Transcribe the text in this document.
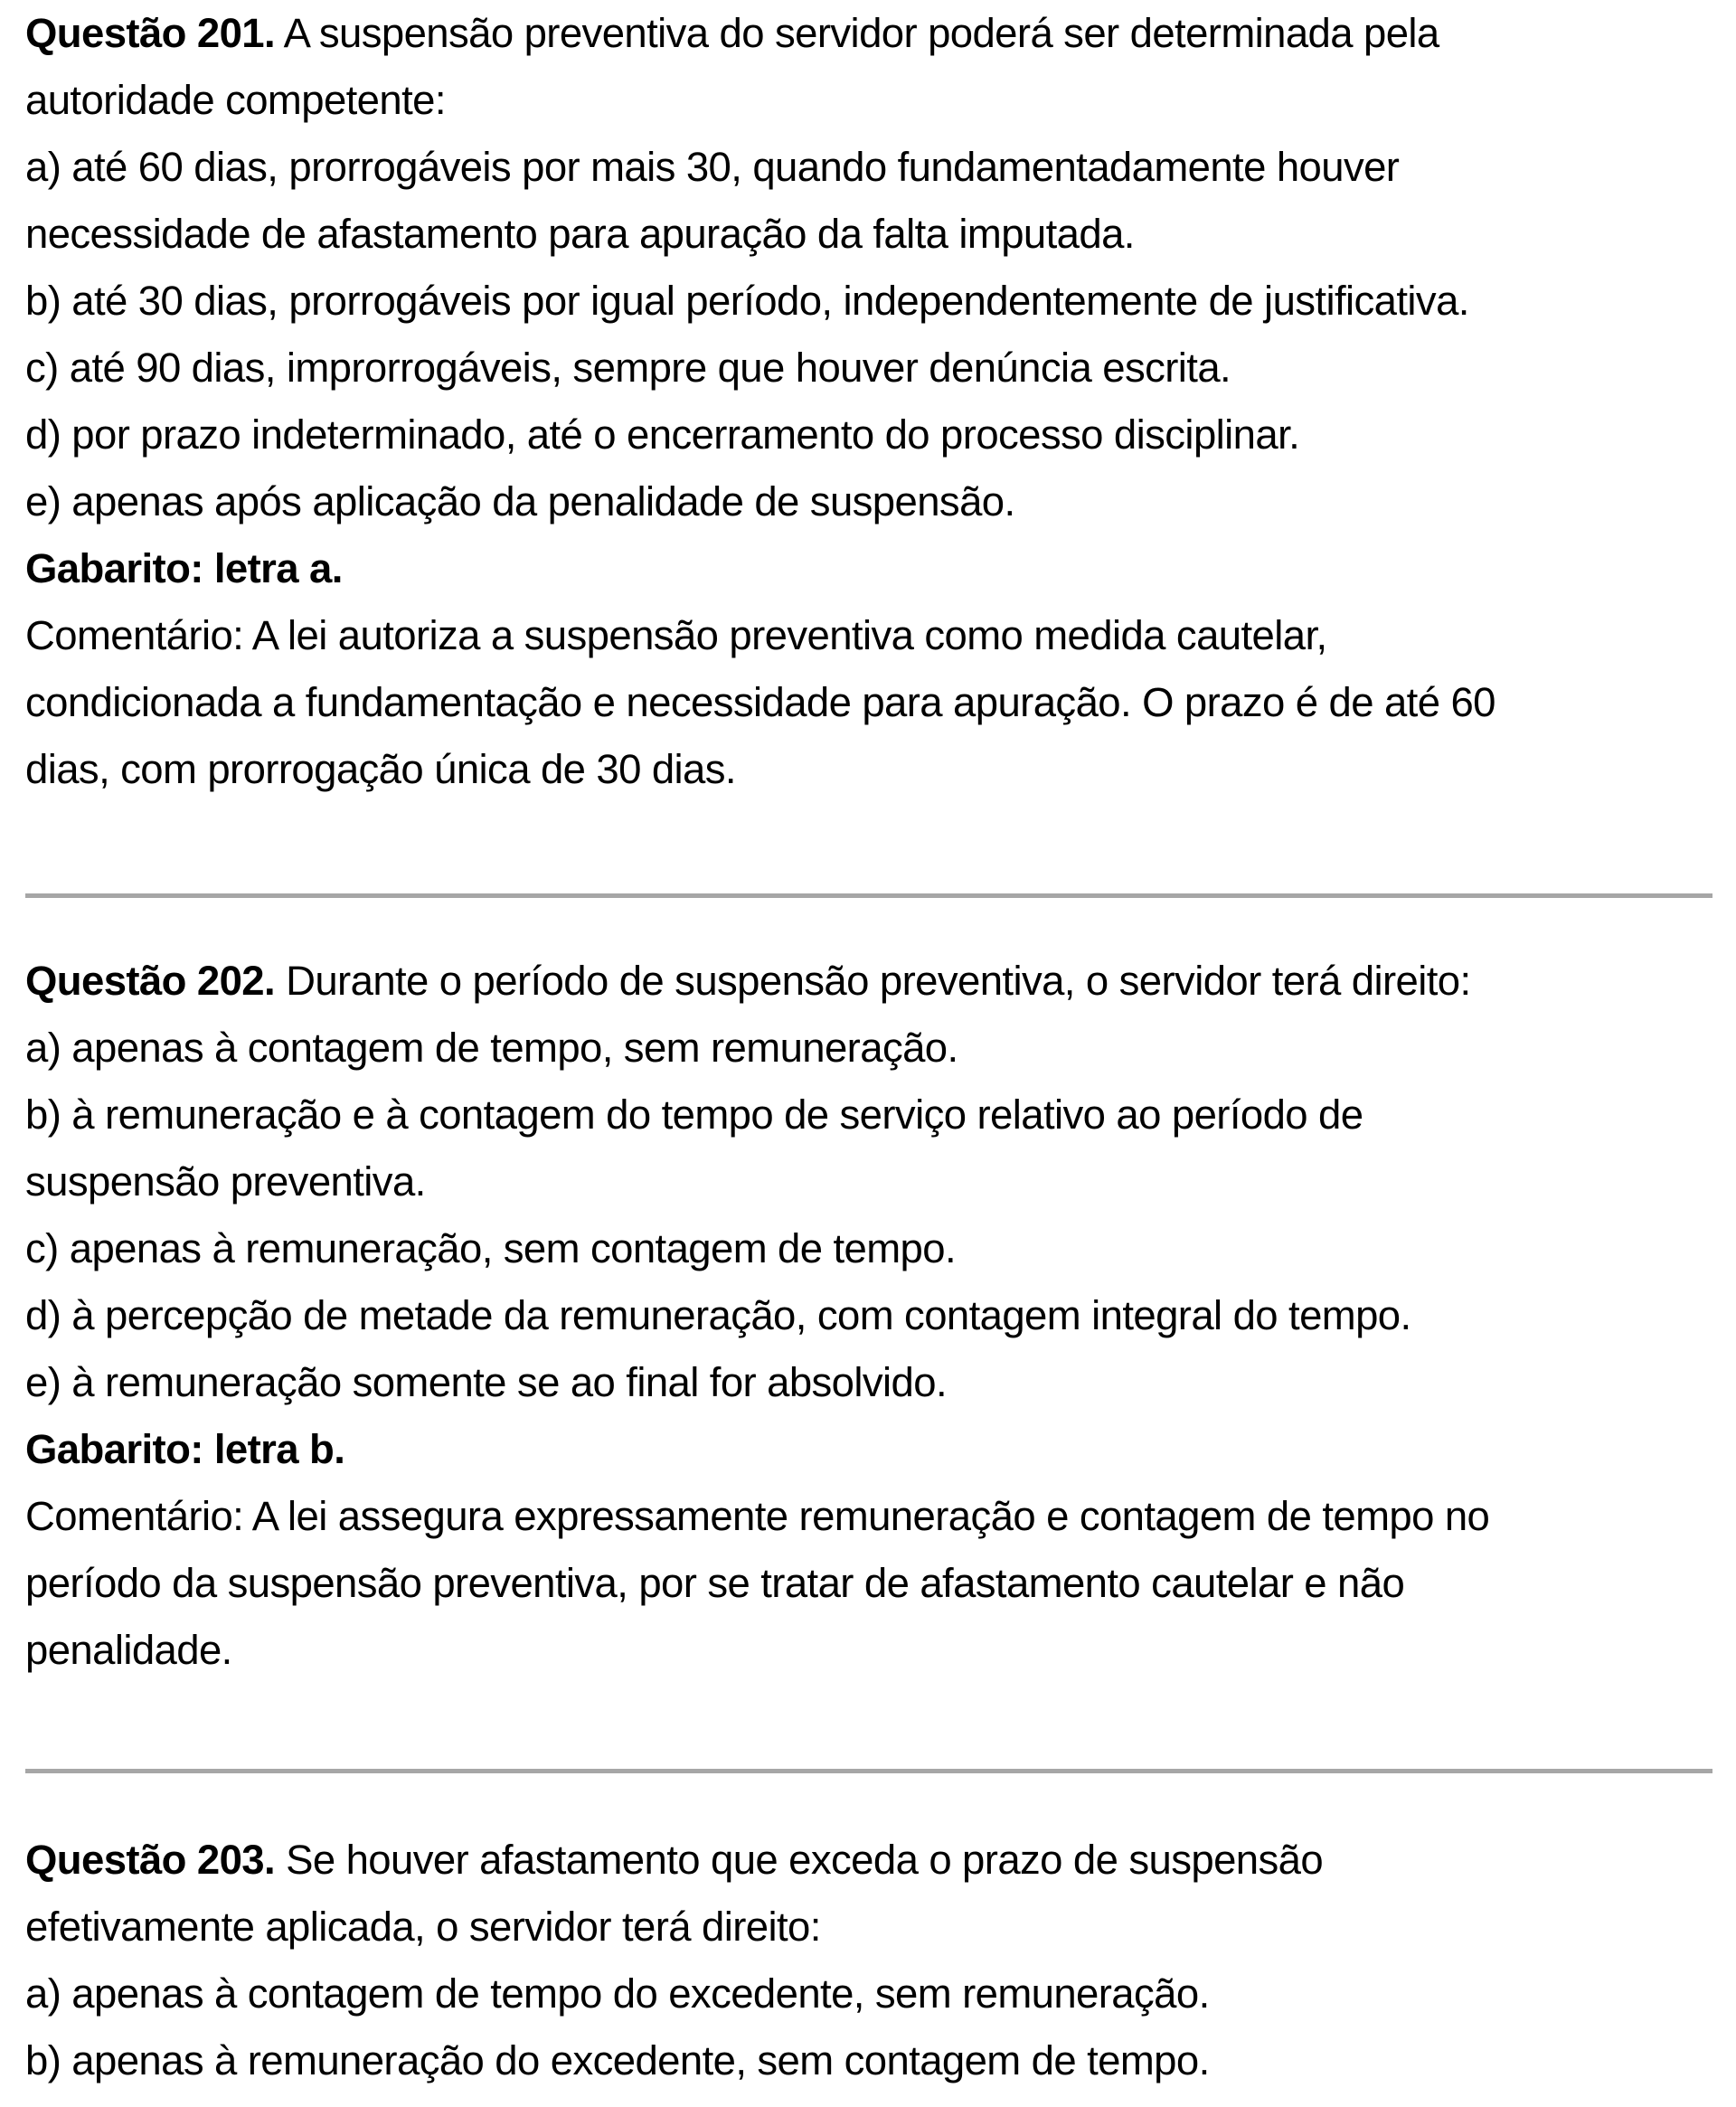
Questão 201. A suspensão preventiva do servidor poderá ser determinada pela

autoridade competente:

a) até 60 dias, prorrogáveis por mais 30, quando fundamentadamente houver

necessidade de afastamento para apuração da falta imputada.

b) até 30 dias, prorrogáveis por igual período, independentemente de justificativa.

c) até 90 dias, improrrogáveis, sempre que houver denúncia escrita.

d) por prazo indeterminado, até o encerramento do processo disciplinar.

e) apenas após aplicação da penalidade de suspensão.

Gabarito: letra a.

Comentário: A lei autoriza a suspensão preventiva como medida cautelar,

condicionada a fundamentação e necessidade para apuração. O prazo é de até 60

dias, com prorrogação única de 30 dias.

Questão 202. Durante o período de suspensão preventiva, o servidor terá direito:

a) apenas à contagem de tempo, sem remuneração.

b) à remuneração e à contagem do tempo de serviço relativo ao período de

suspensão preventiva.

c) apenas à remuneração, sem contagem de tempo.

d) à percepção de metade da remuneração, com contagem integral do tempo.

e) à remuneração somente se ao final for absolvido.

Gabarito: letra b.

Comentário: A lei assegura expressamente remuneração e contagem de tempo no

período da suspensão preventiva, por se tratar de afastamento cautelar e não

penalidade.

Questão 203. Se houver afastamento que exceda o prazo de suspensão

efetivamente aplicada, o servidor terá direito:

a) apenas à contagem de tempo do excedente, sem remuneração.

b) apenas à remuneração do excedente, sem contagem de tempo.
